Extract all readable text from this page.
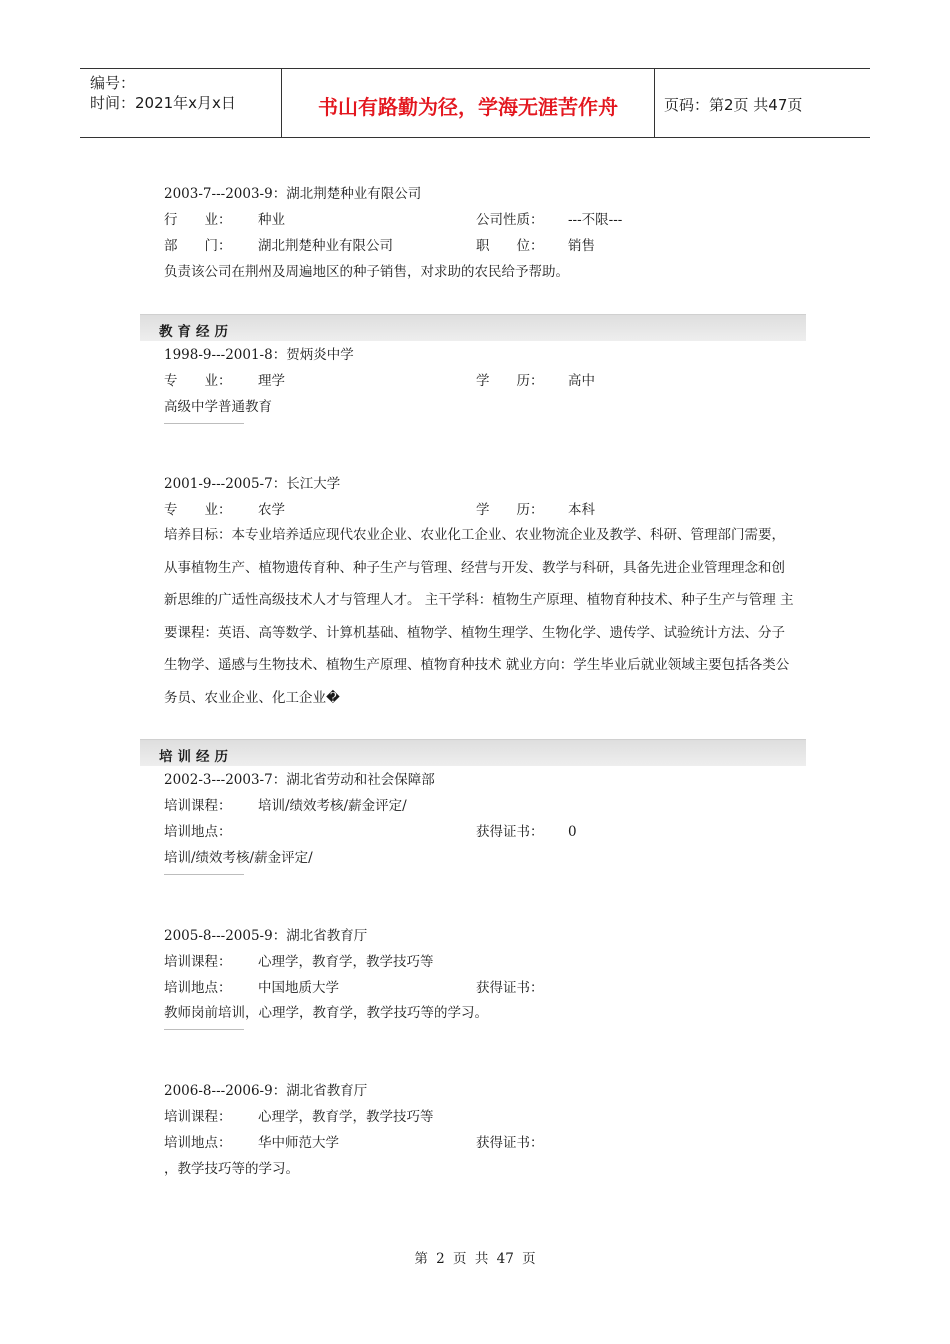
编号：
时间：2021年x月x日	书山有路勤为径，学海无涯苦作舟	页码：第2页 共47页
2003-7---2003-9：湖北荆楚种业有限公司
行　　业： 种业	公司性质： ---不限---
部　　门： 湖北荆楚种业有限公司	职　　位： 销售
负责该公司在荆州及周遍地区的种子销售，对求助的农民给予帮助。
教育经历
1998-9---2001-8：贺炳炎中学
专　　业： 理学	学　　历： 高中
高级中学普通教育
2001-9---2005-7：长江大学
专　　业： 农学	学　　历： 本科
培养目标：本专业培养适应现代农业企业、农业化工企业、农业物流企业及教学、科研、管理部门需要，从事植物生产、植物遗传育种、种子生产与管理、经营与开发、教学与科研，具备先进企业管理理念和创新思维的广适性高级技术人才与管理人才。 主干学科：植物生产原理、植物育种技术、种子生产与管理 主要课程：英语、高等数学、计算机基础、植物学、植物生理学、生物化学、遗传学、试验统计方法、分子生物学、遥感与生物技术、植物生产原理、植物育种技术 就业方向：学生毕业后就业领域主要包括各类公务员、农业企业、化工企业�
培训经历
2002-3---2003-7：湖北省劳动和社会保障部
培训课程： 培训/绩效考核/薪金评定/
培训地点：	获得证书： 0
培训/绩效考核/薪金评定/
2005-8---2005-9：湖北省教育厅
培训课程： 心理学，教育学，教学技巧等
培训地点： 中国地质大学	获得证书：
教师岗前培训，心理学，教育学，教学技巧等的学习。
2006-8---2006-9：湖北省教育厅
培训课程： 心理学，教育学，教学技巧等
培训地点： 华中师范大学	获得证书：
，教学技巧等的学习。
第 2 页 共 47 页
